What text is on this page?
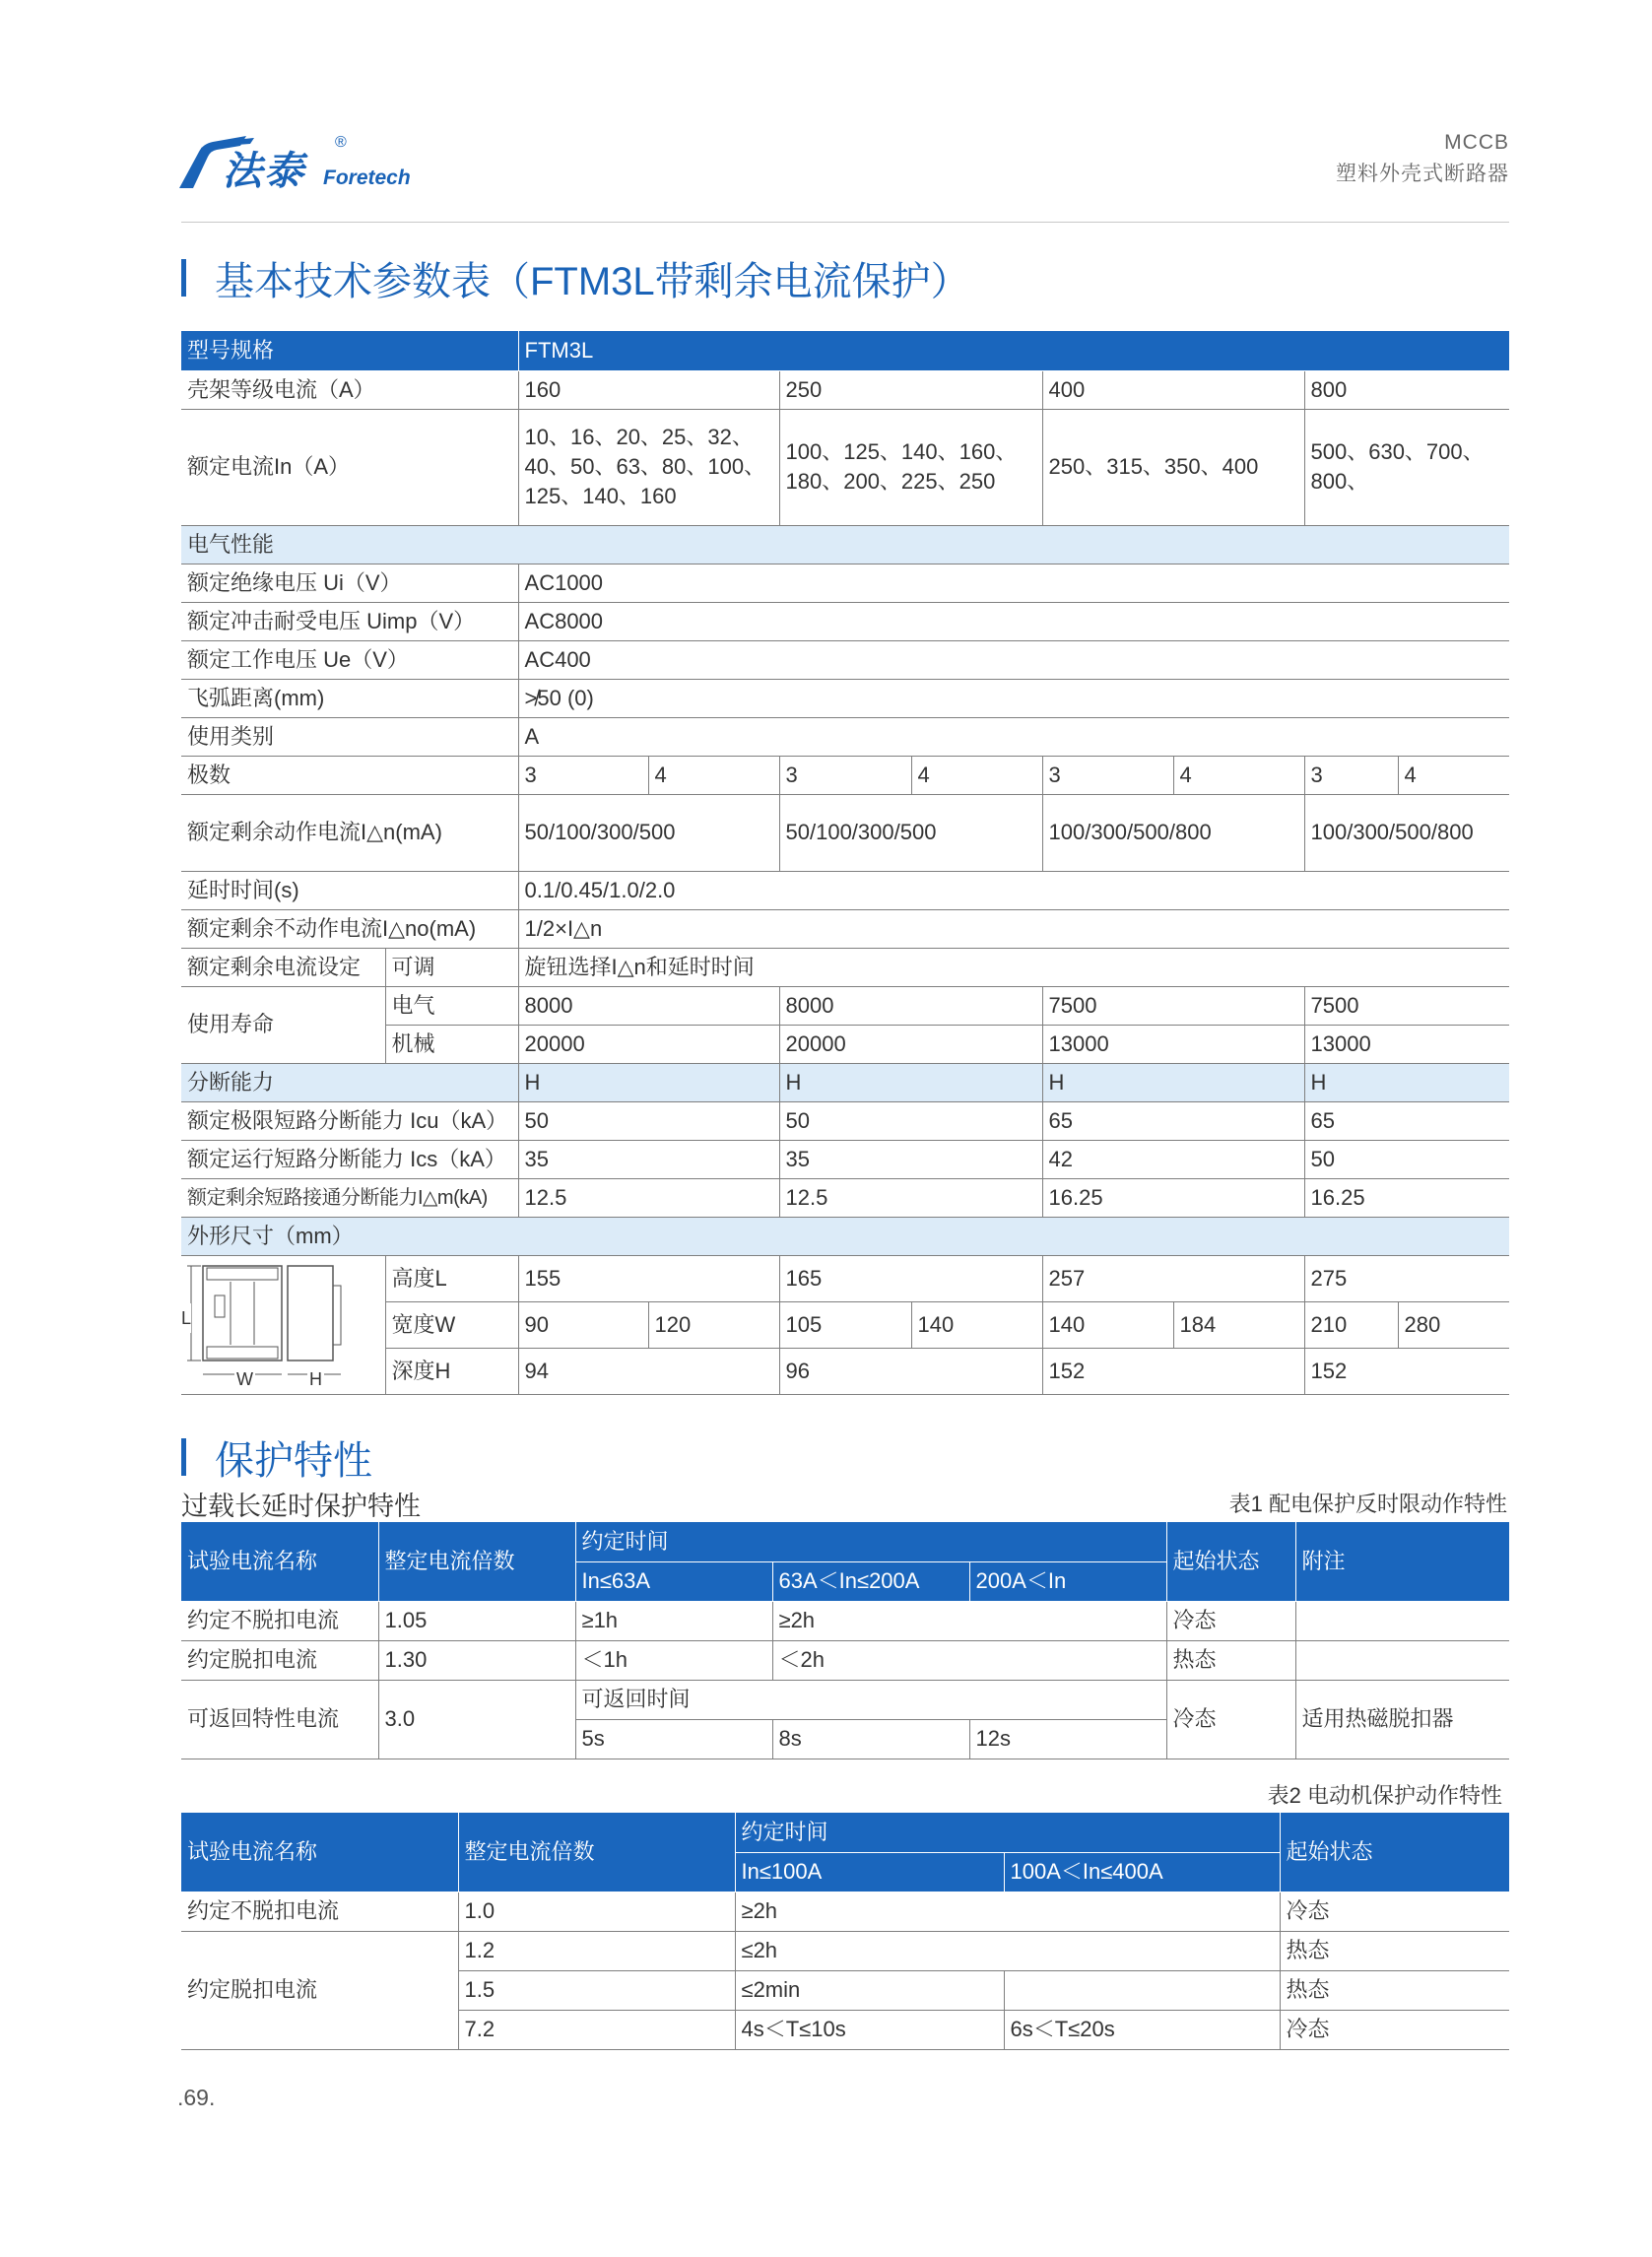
法泰
®
Foretech
MCCB
塑料外壳式断路器
基本技术参数表（FTM3L带剩余电流保护）
型号规格		FTM3L							
壳架等级电流（A）		160		250		400		800	
额定电流In（A）		10、16、20、25、32、40、50、63、80、100、125、140、160		100、125、140、160、180、200、225、250		250、315、350、400		500、630、700、800、	
电气性能									
额定绝缘电压 Ui（V）		AC1000							
额定冲击耐受电压 Uimp（V）		AC8000							
额定工作电压 Ue（V）		AC400							
飞弧距离(mm)		≯50 (0)							
使用类别		A							
极数		3	4	3	4	3	4	3	4
额定剩余动作电流I△n(mA)		50/100/300/500		50/100/300/500		100/300/500/800		100/300/500/800	
延时时间(s)		0.1/0.45/1.0/2.0							
额定剩余不动作电流I△no(mA)		1/2×I△n							
额定剩余电流设定	可调	旋钮选择I△n和延时时间							
使用寿命	电气	8000		8000		7500		7500	
	机械	20000		20000		13000		13000	
分断能力		H		H		H		H	
额定极限短路分断能力 Icu（kA）		50		50		65		65	
额定运行短路分断能力 Ics（kA）		35		35		42		50	
额定剩余短路接通分断能力I△m(kA)		12.5		12.5		16.25		16.25	
外形尺寸（mm）									

L
W H	高度L	155		165		257		275	
	宽度W	90	120	105	140	140	184	210	280
	深度H	94		96		152		152	
保护特性
过载长延时保护特性	表1 配电保护反时限动作特性
试验电流名称	整定电流倍数	约定时间			起始状态	附注
		In≤63A	63A＜In≤200A	200A＜In		
约定不脱扣电流	1.05	≥1h	≥2h		冷态	
约定脱扣电流	1.30	＜1h	＜2h		热态	
可返回特性电流	3.0	可返回时间			冷态	适用热磁脱扣器
		5s	8s	12s		
表2 电动机保护动作特性
试验电流名称	整定电流倍数	约定时间		起始状态
		In≤100A	100A＜In≤400A	
约定不脱扣电流	1.0	≥2h		冷态
约定脱扣电流	1.2	≤2h		热态
	1.5	≤2min		热态
	7.2	4s＜T≤10s	6s＜T≤20s	冷态
.69.
